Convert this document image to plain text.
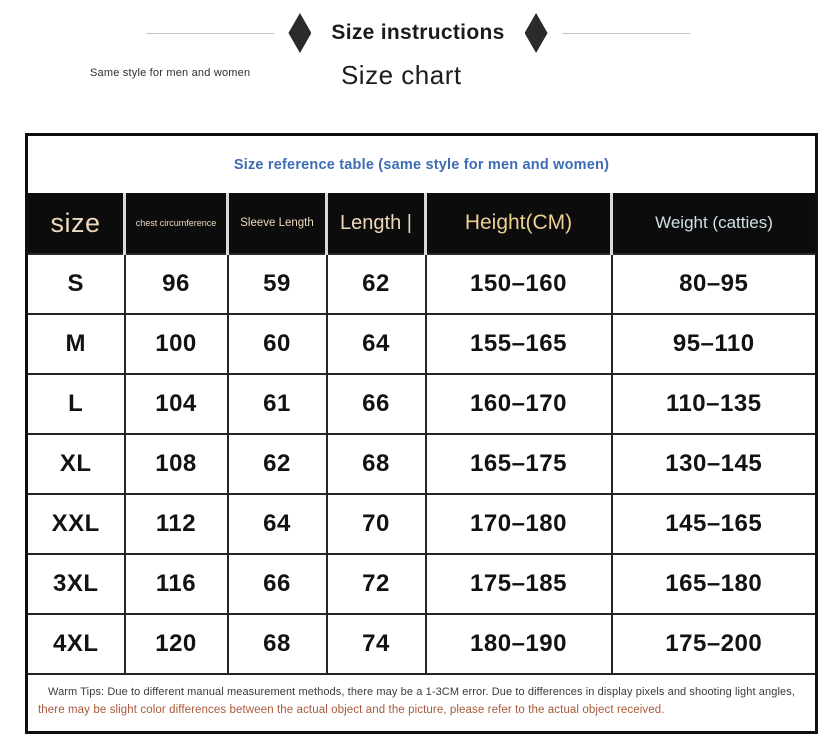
Size instructions
Same style for men and women	Size chart
Size reference table (same style for men and women)					
size	chest circumference	Sleeve Length	Length |	Height(CM)	Weight (catties)
S	96	59	62	150–160	80–95
M	100	60	64	155–165	95–110
L	104	61	66	160–170	110–135
XL	108	62	68	165–175	130–145
XXL	112	64	70	170–180	145–165
3XL	116	66	72	175–185	165–180
4XL	120	68	74	180–190	175–200

Warm Tips: Due to different manual measurement methods, there may be a 1-3CM error. Due to differences in display pixels and shooting light angles,
there may be slight color differences between the actual object and the picture, please refer to the actual object received.					
